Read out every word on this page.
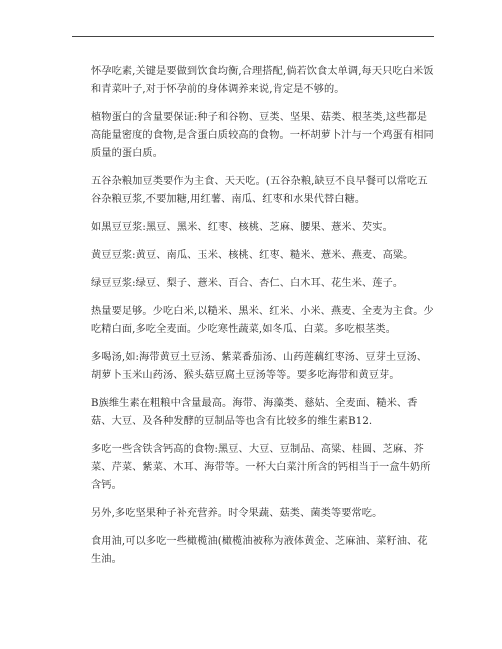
怀孕吃素,关键是要做到饮食均衡,合理搭配,倘若饮食太单调,每天只吃白米饭和青菜叶子,对于怀孕前的身体调养来说,肯定是不够的。

植物蛋白的含量要保证:种子和谷物、豆类、坚果、菇类、根茎类,这些都是高能量密度的食物,是含蛋白质较高的食物。一杯胡萝卜汁与一个鸡蛋有相同质量的蛋白质。

五谷杂粮加豆类要作为主食、天天吃。(五谷杂粮,缺豆不良早餐可以常吃五谷杂粮豆浆,不要加糖,用红薯、南瓜、红枣和水果代替白糖。

如黑豆豆浆:黑豆、黑米、红枣、核桃、芝麻、腰果、薏米、芡实。

黄豆豆浆:黄豆、南瓜、玉米、核桃、红枣、糙米、薏米、燕麦、高粱。

绿豆豆浆:绿豆、梨子、薏米、百合、杏仁、白木耳、花生米、莲子。

热量要足够。少吃白米,以糙米、黑米、红米、小米、燕麦、全麦为主食。少吃精白面,多吃全麦面。少吃寒性蔬菜,如冬瓜、白菜。多吃根茎类。

多喝汤,如:海带黄豆土豆汤、紫菜番茄汤、山药莲藕红枣汤、豆芽土豆汤、胡萝卜玉米山药汤、猴头菇豆腐土豆汤等等。要多吃海带和黄豆芽。

B族维生素在粗粮中含量最高。海带、海藻类、慈姑、全麦面、糙米、香菇、大豆、及各种发酵的豆制品等也含有比较多的维生素B12.

多吃一些含铁含钙高的食物:黑豆、大豆、豆制品、高粱、桂圆、芝麻、芥菜、芹菜、紫菜、木耳、海带等。一杯大白菜汁所含的钙相当于一盒牛奶所含钙。

另外,多吃坚果种子补充营养。时令果蔬、菇类、菌类等要常吃。

食用油,可以多吃一些橄榄油(橄榄油被称为液体黄金、芝麻油、菜籽油、花生油。
